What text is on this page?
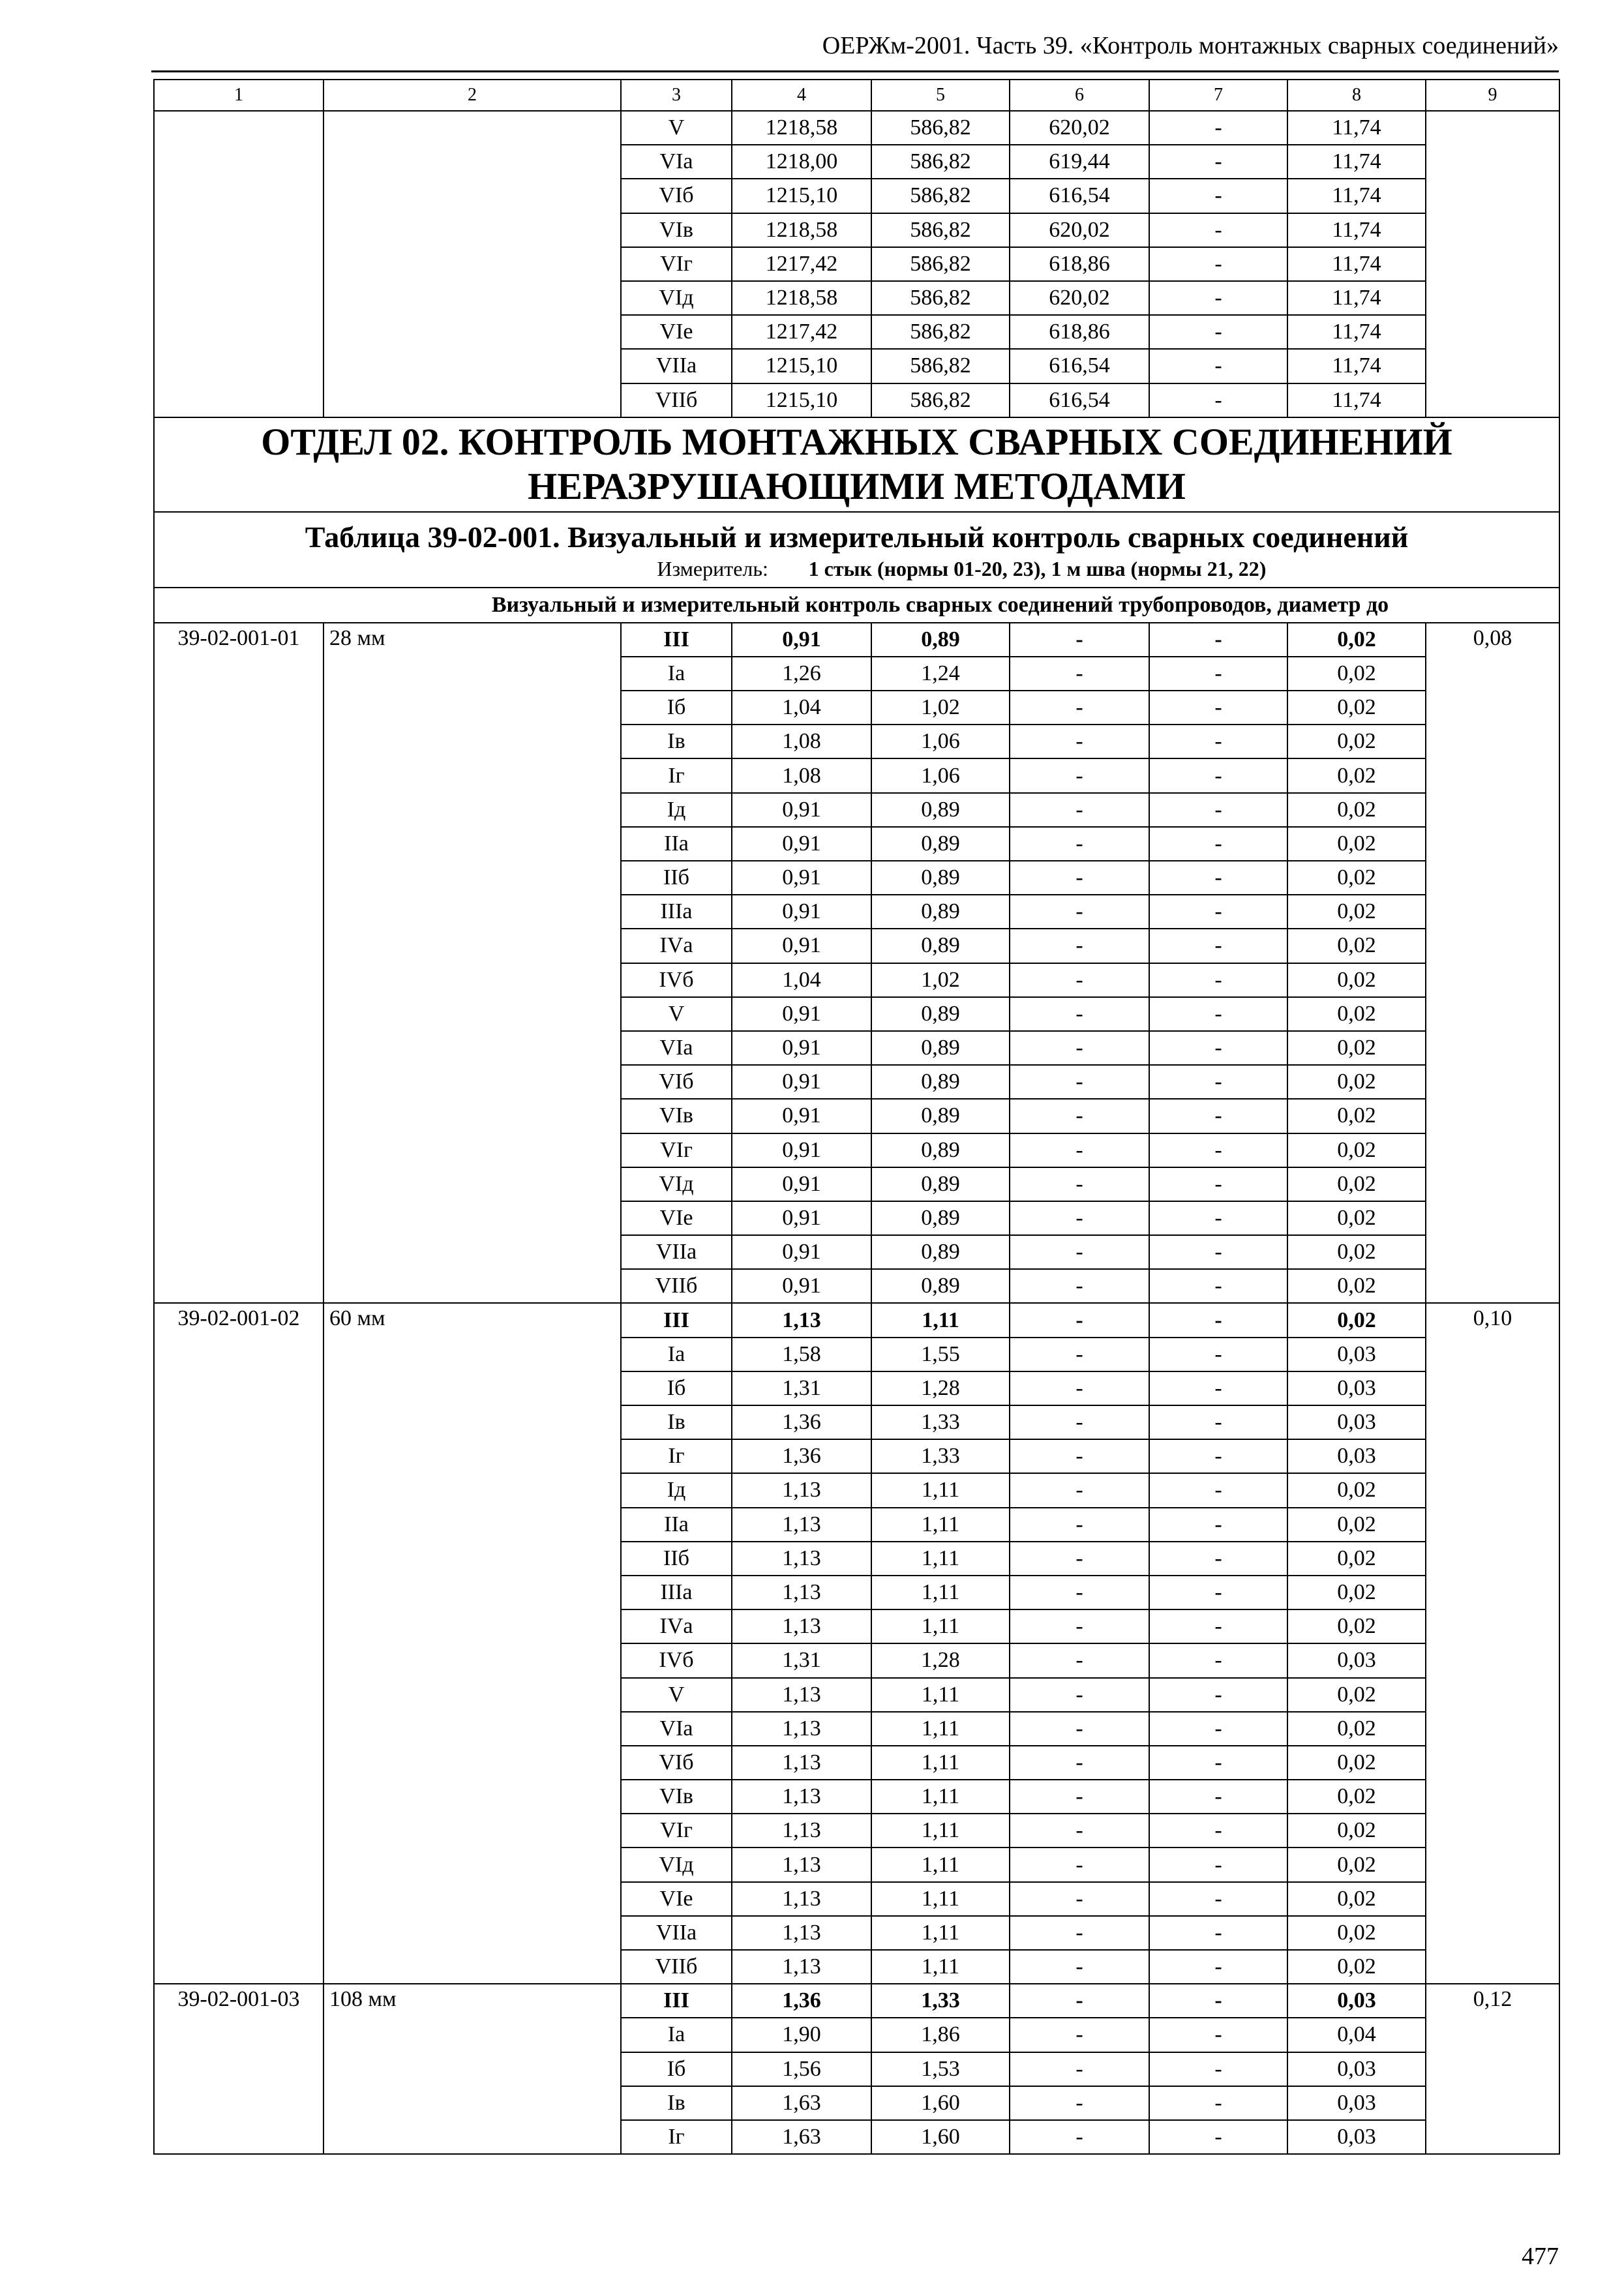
ОЕРЖм-2001. Часть 39. «Контроль монтажных сварных соединений»
1	2	3	4	5	6	7	8	9
		V	1218,58	586,82	620,02	-	11,74	
		VIа	1218,00	586,82	619,44	-	11,74	
		VIб	1215,10	586,82	616,54	-	11,74	
		VIв	1218,58	586,82	620,02	-	11,74	
		VIг	1217,42	586,82	618,86	-	11,74	
		VIд	1218,58	586,82	620,02	-	11,74	
		VIе	1217,42	586,82	618,86	-	11,74	
		VIIа	1215,10	586,82	616,54	-	11,74	
		VIIб	1215,10	586,82	616,54	-	11,74	

ОТДЕЛ 02. КОНТРОЛЬ МОНТАЖНЫХ СВАРНЫХ СОЕДИНЕНИЙ
НЕРАЗРУШАЮЩИМИ МЕТОДАМИ								

Таблица 39-02-001. Визуальный и измерительный контроль сварных соединений
Измеритель: 1 стык (нормы 01-20, 23), 1 м шва (нормы 21, 22)								

Визуальный и измерительный контроль сварных соединений трубопроводов, диаметр до								
39-02-001-01	28 мм	III	0,91	0,89	-	-	0,02	0,08
		Iа	1,26	1,24	-	-	0,02	
		Iб	1,04	1,02	-	-	0,02	
		Iв	1,08	1,06	-	-	0,02	
		Iг	1,08	1,06	-	-	0,02	
		Iд	0,91	0,89	-	-	0,02	
		IIа	0,91	0,89	-	-	0,02	
		IIб	0,91	0,89	-	-	0,02	
		IIIа	0,91	0,89	-	-	0,02	
		IVа	0,91	0,89	-	-	0,02	
		IVб	1,04	1,02	-	-	0,02	
		V	0,91	0,89	-	-	0,02	
		VIа	0,91	0,89	-	-	0,02	
		VIб	0,91	0,89	-	-	0,02	
		VIв	0,91	0,89	-	-	0,02	
		VIг	0,91	0,89	-	-	0,02	
		VIд	0,91	0,89	-	-	0,02	
		VIе	0,91	0,89	-	-	0,02	
		VIIа	0,91	0,89	-	-	0,02	
		VIIб	0,91	0,89	-	-	0,02	
39-02-001-02	60 мм	III	1,13	1,11	-	-	0,02	0,10
		Iа	1,58	1,55	-	-	0,03	
		Iб	1,31	1,28	-	-	0,03	
		Iв	1,36	1,33	-	-	0,03	
		Iг	1,36	1,33	-	-	0,03	
		Iд	1,13	1,11	-	-	0,02	
		IIа	1,13	1,11	-	-	0,02	
		IIб	1,13	1,11	-	-	0,02	
		IIIа	1,13	1,11	-	-	0,02	
		IVа	1,13	1,11	-	-	0,02	
		IVб	1,31	1,28	-	-	0,03	
		V	1,13	1,11	-	-	0,02	
		VIа	1,13	1,11	-	-	0,02	
		VIб	1,13	1,11	-	-	0,02	
		VIв	1,13	1,11	-	-	0,02	
		VIг	1,13	1,11	-	-	0,02	
		VIд	1,13	1,11	-	-	0,02	
		VIе	1,13	1,11	-	-	0,02	
		VIIа	1,13	1,11	-	-	0,02	
		VIIб	1,13	1,11	-	-	0,02	
39-02-001-03	108 мм	III	1,36	1,33	-	-	0,03	0,12
		Iа	1,90	1,86	-	-	0,04	
		Iб	1,56	1,53	-	-	0,03	
		Iв	1,63	1,60	-	-	0,03	
		Iг	1,63	1,60	-	-	0,03	
477
